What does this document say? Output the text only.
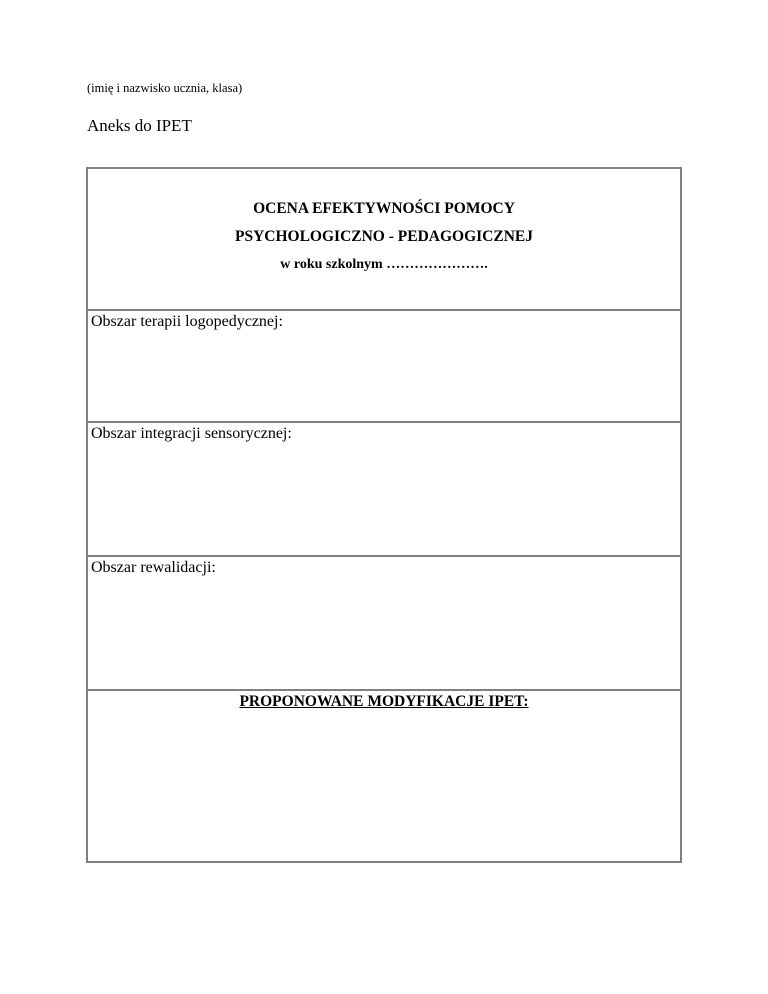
(imię i nazwisko ucznia, klasa)
Aneks do IPET
OCENA EFEKTYWNOŚCI POMOCY
PSYCHOLOGICZNO - PEDAGOGICZNEJ
w roku szkolnym ………………….
Obszar terapii logopedycznej:
Obszar integracji sensorycznej:
Obszar rewalidacji:
PROPONOWANE MODYFIKACJE IPET:
